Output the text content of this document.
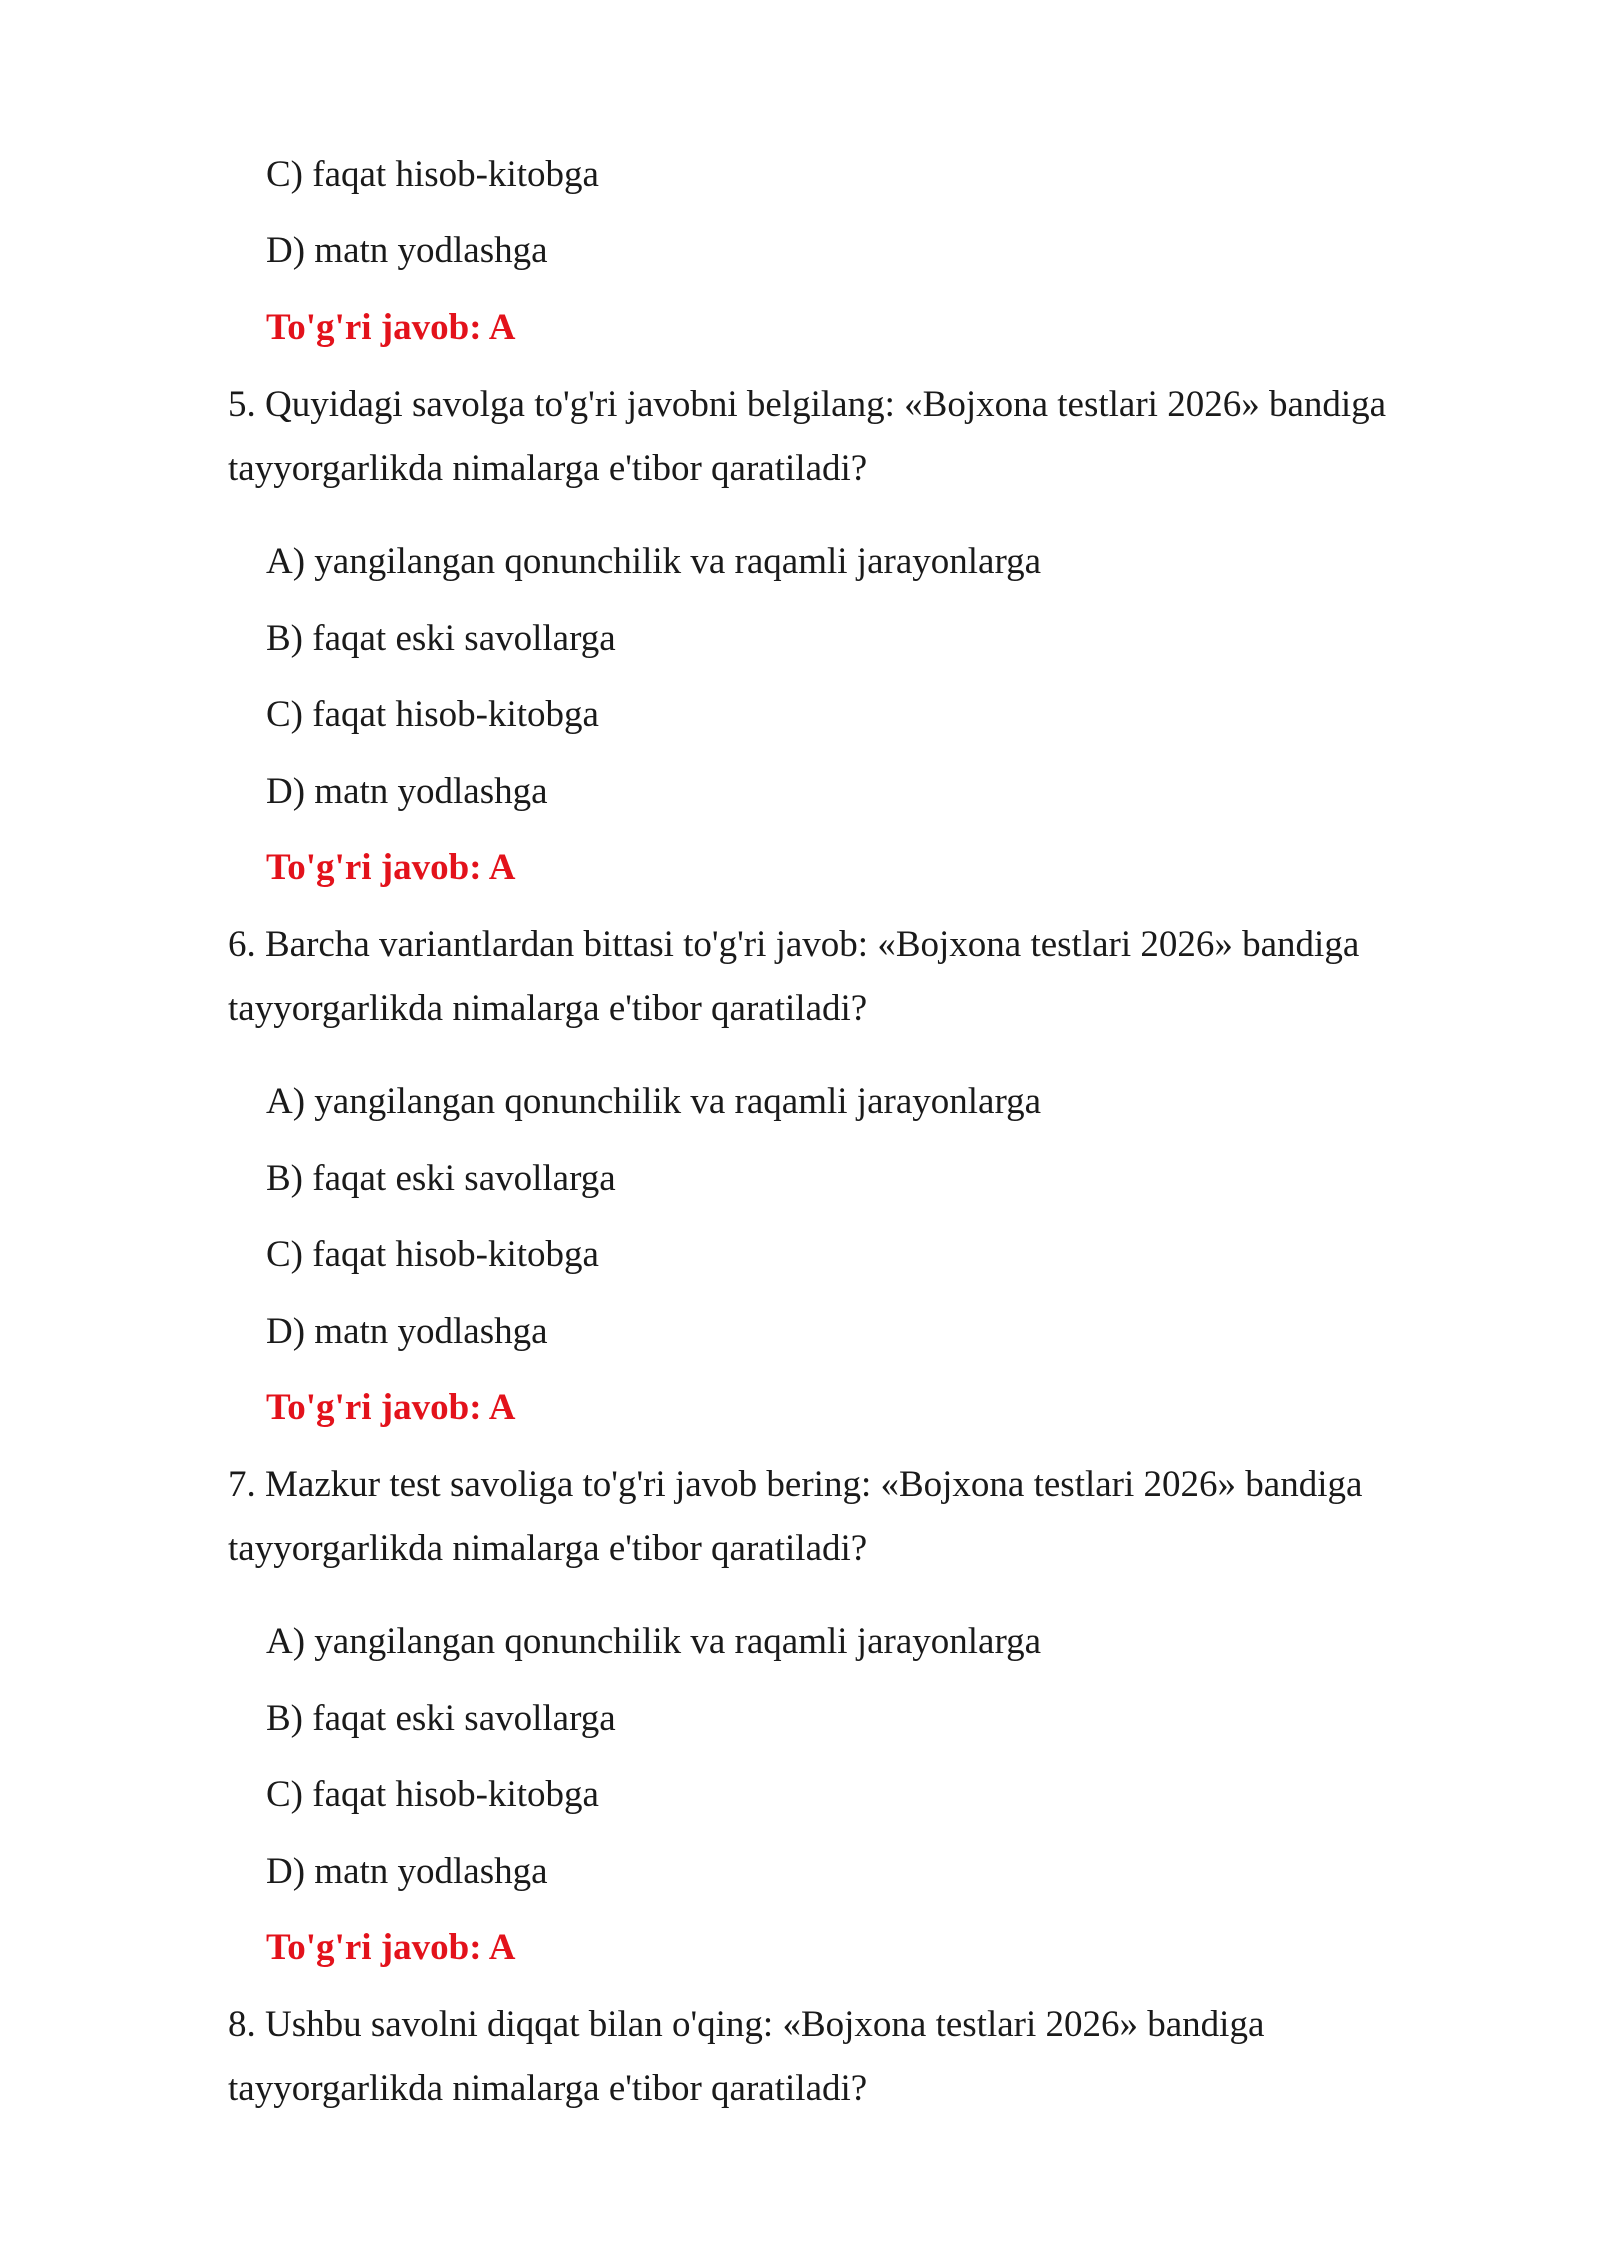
C) faqat hisob-kitobga
D) matn yodlashga
To'g'ri javob: A
5. Quyidagi savolga to'g'ri javobni belgilang: «Bojxona testlari 2026» bandiga
tayyorgarlikda nimalarga e'tibor qaratiladi?
A) yangilangan qonunchilik va raqamli jarayonlarga
B) faqat eski savollarga
C) faqat hisob-kitobga
D) matn yodlashga
To'g'ri javob: A
6. Barcha variantlardan bittasi to'g'ri javob: «Bojxona testlari 2026» bandiga
tayyorgarlikda nimalarga e'tibor qaratiladi?
A) yangilangan qonunchilik va raqamli jarayonlarga
B) faqat eski savollarga
C) faqat hisob-kitobga
D) matn yodlashga
To'g'ri javob: A
7. Mazkur test savoliga to'g'ri javob bering: «Bojxona testlari 2026» bandiga
tayyorgarlikda nimalarga e'tibor qaratiladi?
A) yangilangan qonunchilik va raqamli jarayonlarga
B) faqat eski savollarga
C) faqat hisob-kitobga
D) matn yodlashga
To'g'ri javob: A
8. Ushbu savolni diqqat bilan o'qing: «Bojxona testlari 2026» bandiga
tayyorgarlikda nimalarga e'tibor qaratiladi?
